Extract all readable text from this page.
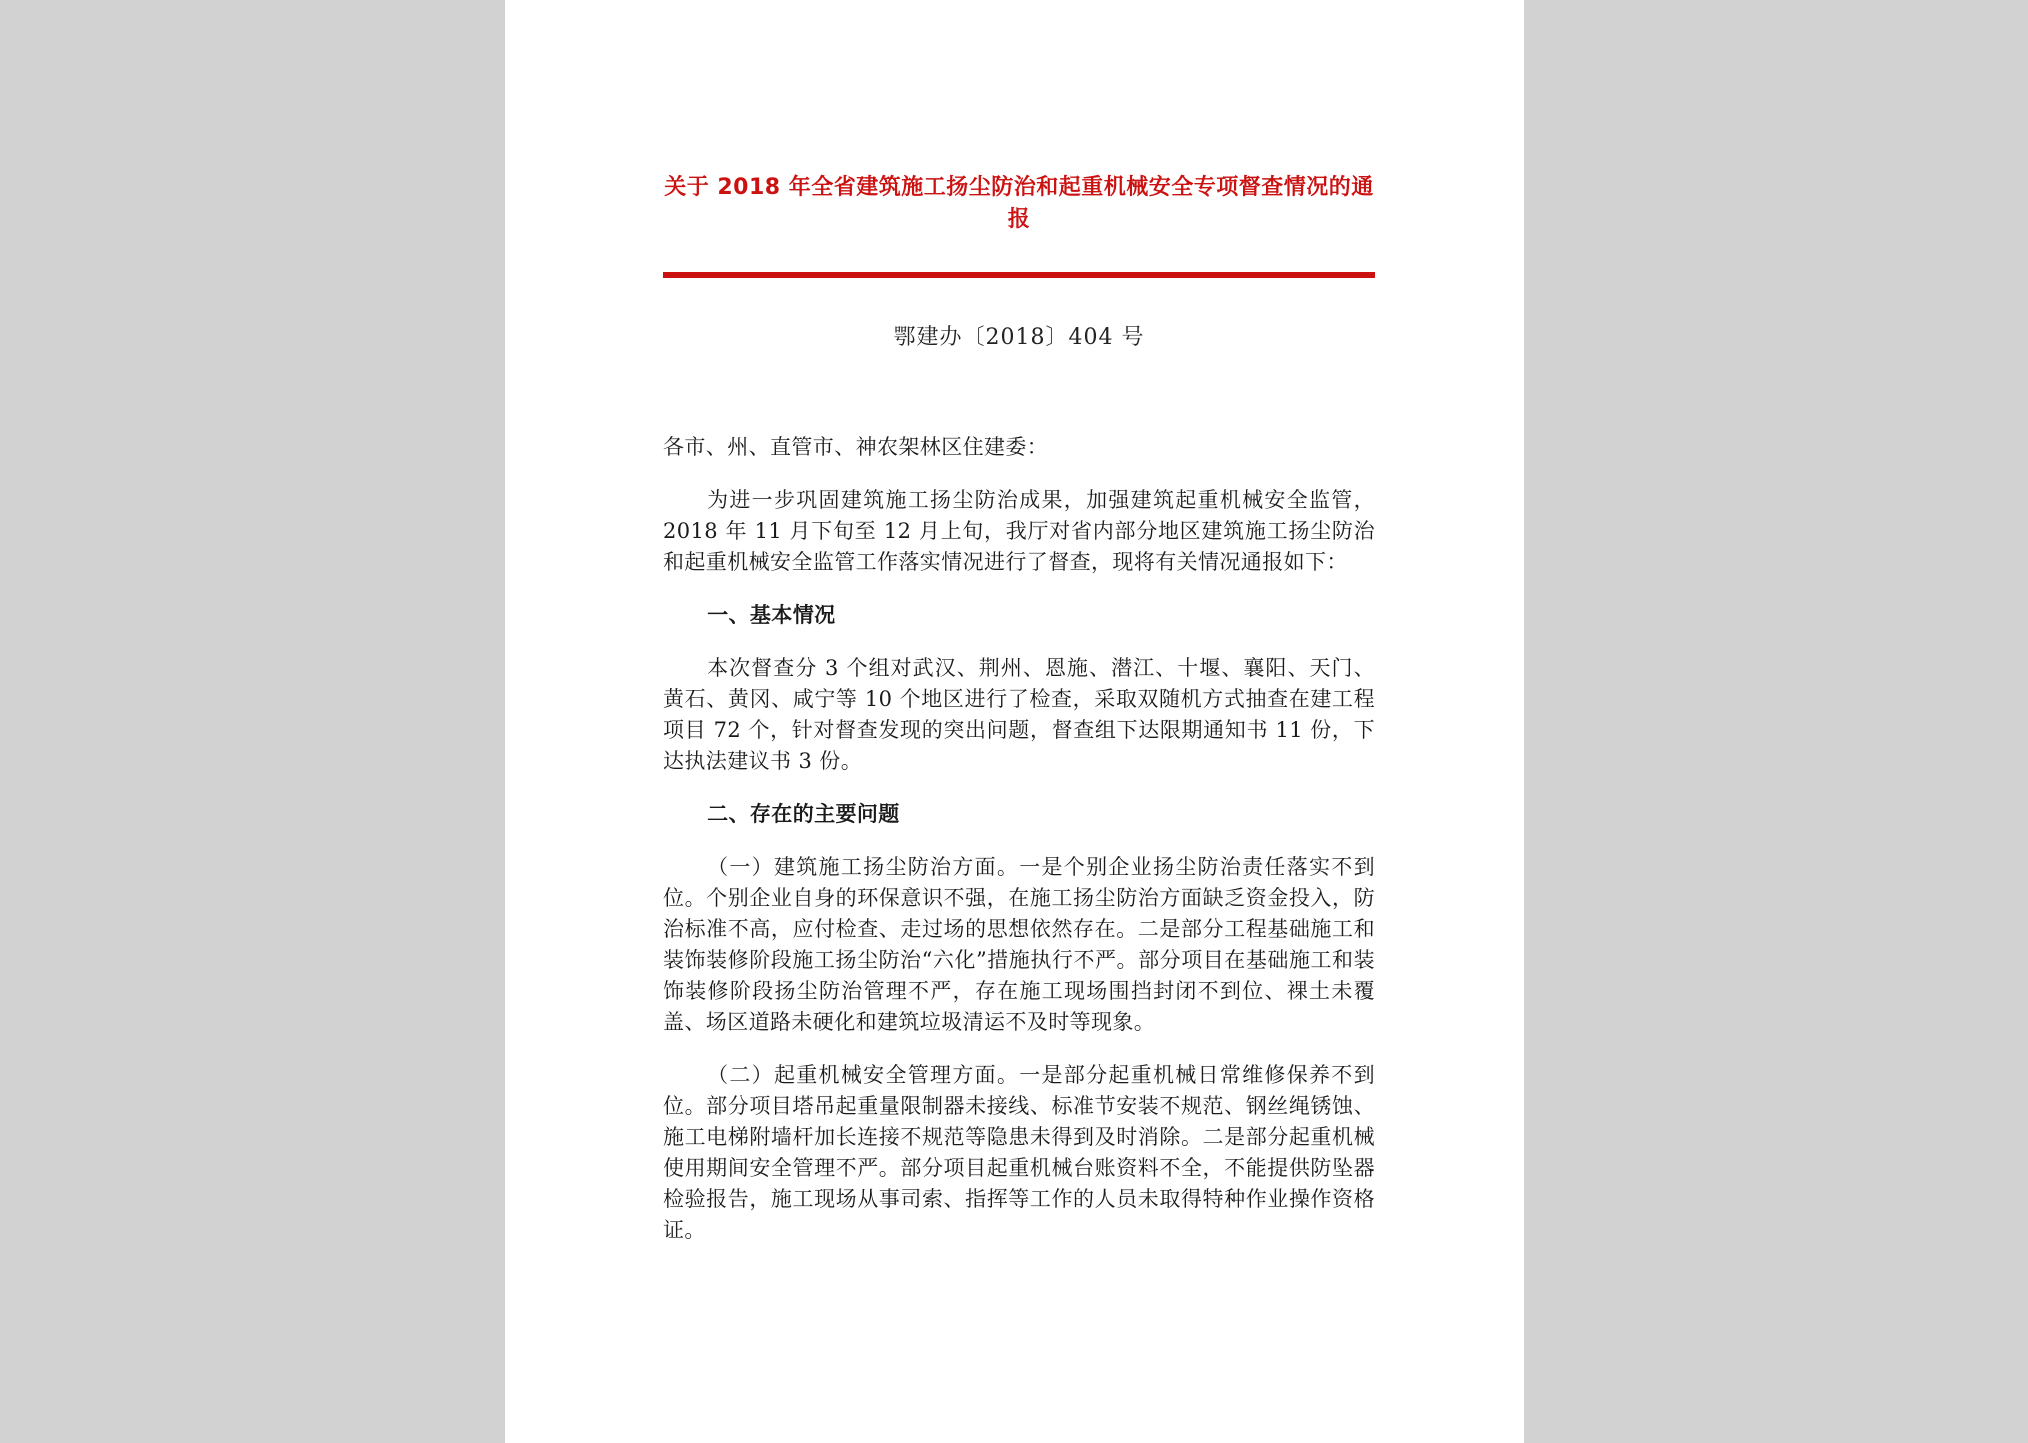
关于 2018 年全省建筑施工扬尘防治和起重机械安全专项督查情况的通报
鄂建办〔2018〕404 号

各市、州、直管市、神农架林区住建委：

为进一步巩固建筑施工扬尘防治成果，加强建筑起重机械安全监管，2018 年 11 月下旬至 12 月上旬，我厅对省内部分地区建筑施工扬尘防治和起重机械安全监管工作落实情况进行了督查，现将有关情况通报如下：

一、基本情况

本次督查分 3 个组对武汉、荆州、恩施、潜江、十堰、襄阳、天门、黄石、黄冈、咸宁等 10 个地区进行了检查，采取双随机方式抽查在建工程项目 72 个，针对督查发现的突出问题，督查组下达限期通知书 11 份，下达执法建议书 3 份。

二、存在的主要问题

（一）建筑施工扬尘防治方面。一是个别企业扬尘防治责任落实不到位。个别企业自身的环保意识不强，在施工扬尘防治方面缺乏资金投入，防治标准不高，应付检查、走过场的思想依然存在。二是部分工程基础施工和装饰装修阶段施工扬尘防治“六化”措施执行不严。部分项目在基础施工和装饰装修阶段扬尘防治管理不严，存在施工现场围挡封闭不到位、裸土未覆盖、场区道路未硬化和建筑垃圾清运不及时等现象。

（二）起重机械安全管理方面。一是部分起重机械日常维修保养不到位。部分项目塔吊起重量限制器未接线、标准节安装不规范、钢丝绳锈蚀、施工电梯附墙杆加长连接不规范等隐患未得到及时消除。二是部分起重机械使用期间安全管理不严。部分项目起重机械台账资料不全，不能提供防坠器检验报告，施工现场从事司索、指挥等工作的人员未取得特种作业操作资格证。
